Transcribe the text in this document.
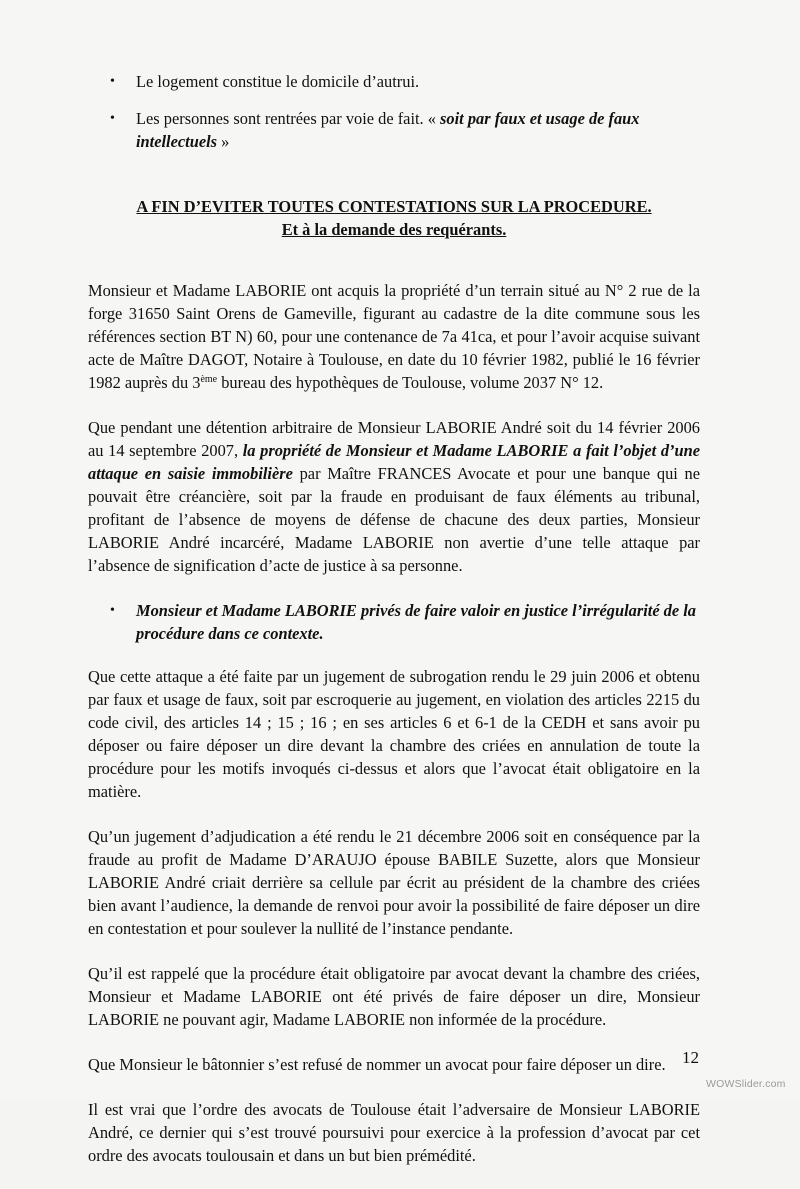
• Le logement constitue le domicile d’autrui.

• Les personnes sont rentrées par voie de fait. « soit par faux et usage de faux intellectuels »

A FIN D’EVITER TOUTES CONTESTATIONS SUR LA PROCEDURE.

Et à la demande des requérants.

Monsieur et Madame LABORIE ont acquis la propriété d’un terrain situé au N° 2 rue de la forge 31650 Saint Orens de Gameville, figurant au cadastre de la dite commune sous les références section BT N) 60, pour une contenance de 7a 41ca, et pour l’avoir acquise suivant acte de Maître DAGOT, Notaire à Toulouse, en date du 10 février 1982, publié le 16 février 1982 auprès du 3ème bureau des hypothèques de Toulouse, volume 2037 N° 12.

Que pendant une détention arbitraire de Monsieur LABORIE André soit du 14 février 2006 au 14 septembre 2007, la propriété de Monsieur et Madame LABORIE a fait l’objet d’une attaque en saisie immobilière par Maître FRANCES Avocate et pour une banque qui ne pouvait être créancière, soit par la fraude en produisant de faux éléments au tribunal, profitant de l’absence de moyens de défense de chacune des deux parties, Monsieur LABORIE André incarcéré, Madame LABORIE non avertie d’une telle attaque par l’absence de signification d’acte de justice à sa personne.

• Monsieur et Madame LABORIE privés de faire valoir en justice l’irrégularité de la procédure dans ce contexte.

Que cette attaque a été faite par un jugement de subrogation rendu le 29 juin 2006 et obtenu par faux et usage de faux, soit par escroquerie au jugement, en violation des articles 2215 du code civil, des articles 14 ; 15 ; 16 ; en ses articles 6 et 6-1 de la CEDH et sans avoir pu déposer ou faire déposer un dire devant la chambre des criées en annulation de toute la procédure pour les motifs invoqués ci-dessus et alors que l’avocat était obligatoire en la matière.

Qu’un jugement d’adjudication a été rendu le 21 décembre 2006 soit en conséquence par la fraude au profit de Madame D’ARAUJO épouse BABILE Suzette, alors que Monsieur LABORIE André criait derrière sa cellule par écrit au président de la chambre des criées bien avant l’audience, la demande de renvoi pour avoir la possibilité de faire déposer un dire en contestation et pour soulever la nullité de l’instance pendante.

Qu’il est rappelé que la procédure était obligatoire par avocat devant la chambre des criées, Monsieur et Madame LABORIE ont été privés de faire déposer un dire, Monsieur LABORIE ne pouvant agir, Madame LABORIE non informée de la procédure.

Que Monsieur le bâtonnier s’est refusé de nommer un avocat pour faire déposer un dire.

Il est vrai que l’ordre des avocats de Toulouse était l’adversaire de Monsieur LABORIE André, ce dernier qui s’est trouvé poursuivi pour exercice à la profession d’avocat par cet ordre des avocats toulousain et dans un but bien prémédité.

12
WOWSlider.com
